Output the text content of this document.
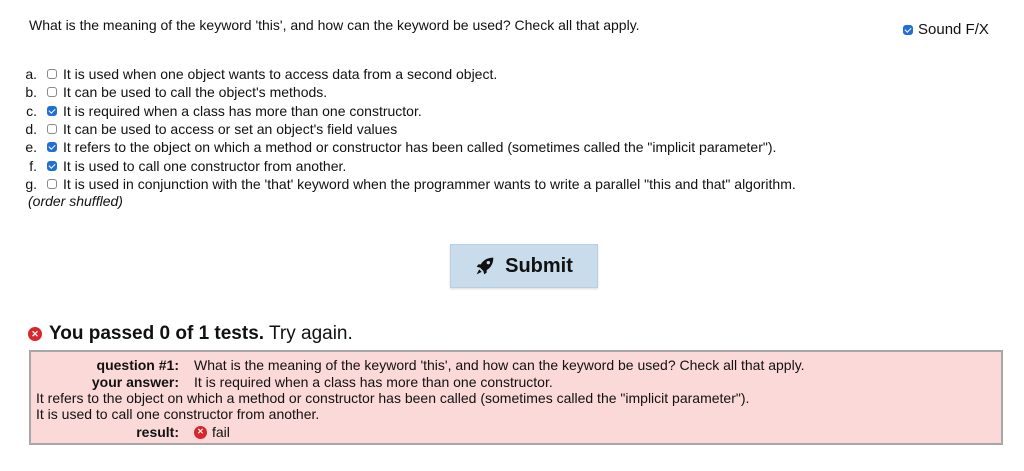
What is the meaning of the keyword 'this', and how can the keyword be used? Check all that apply.	Sound F/X
a.	It is used when one object wants to access data from a second object.
b.	It can be used to call the object's methods.
c.	It is required when a class has more than one constructor.
d.	It can be used to access or set an object's field values
e.	It refers to the object on which a method or constructor has been called (sometimes called the "implicit parameter").
f.	It is used to call one constructor from another.
g.	It is used in conjunction with the 'that' keyword when the programmer wants to write a parallel "this and that" algorithm.
(order shuffled)
Submit
✕ You passed 0 of 1 tests. Try again.
question #1: What is the meaning of the keyword 'this', and how can the keyword be used? Check all that apply.
your answer: It is required when a class has more than one constructor.
It refers to the object on which a method or constructor has been called (sometimes called the "implicit parameter").
It is used to call one constructor from another.
result:	✕ fail
